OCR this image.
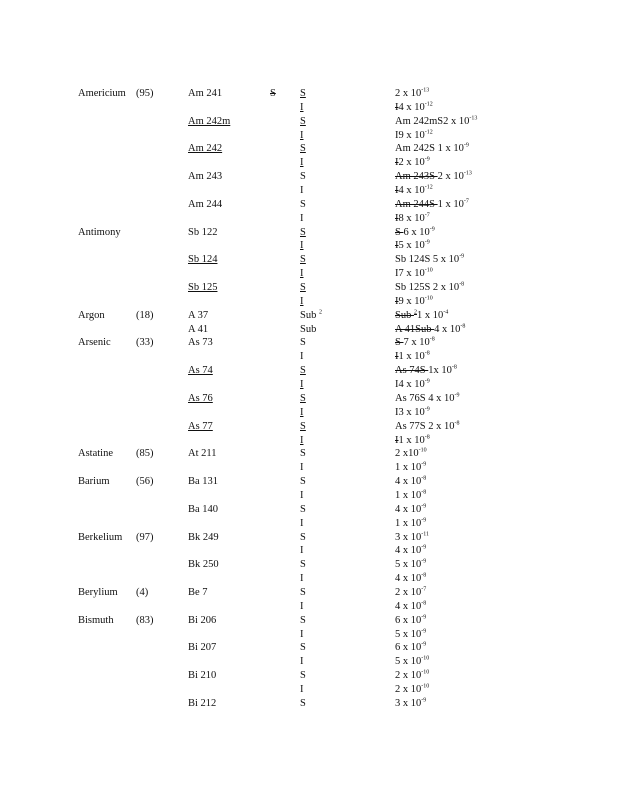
Americium (95)	Am 241	S S	2 x $10^{-13}$
I	I4 x $10^{-12}$
Am 242m	S	Am 242mS2 x $10^{-13}$
I	I9 x $10^{-12}$
Am 242	S	Am 242S 1 x $10^{-9}$
I	I2 x $10^{-9}$
Am 243	S	Am 243S 2 x $10^{-13}$
I	I4 x $10^{-12}$
Am 244	S	Am 244S 1 x $10^{-7}$
I	I8 x $10^{-7}$
Antimony	Sb 122	S	S 6 x $10^{-9}$
I	I5 x $10^{-9}$
Sb 124	S	Sb 124S 5 x $10^{-9}$
I	I7 x $10^{-10}$
Sb 125	S	Sb 125S 2 x $10^{-8}$
I	I9 x $10^{-10}$
Argon	(18)	A 37	Sub $^2$	Sub $^2$1 x $10^{-4}$
A 41	Sub	A 41Sub 4 x $10^{-8}$
Arsenic (33)	As 73	S	S 7 x $10^{-8}$
I	I1 x $10^{-8}$
As 74	S	As 74S 1x $10^{-8}$
I	I4 x $10^{-9}$
As 76	S	As 76S 4 x $10^{-9}$
I	I3 x $10^{-9}$
As 77	S	As 77S 2 x $10^{-8}$
I	I1 x $10^{-8}$
Astatine (85)	At 211	S	2 $x10^{-10}$
I	1 x $10^{-9}$
Barium	(56)	Ba 131	S	4 x $10^{-8}$
I	1 x $10^{-8}$
Ba 140	S	4 x $10^{-9}$
I	1 x $10^{-9}$
Berkelium (97)	Bk 249	S	3 x $10^{-11}$
I	4 x $10^{-9}$
Bk 250	S	5 x $10^{-9}$
I	4 x $10^{-8}$
Berylium (4)	Be 7	S	2 x $10^{-7}$
I	4 x $10^{-8}$
Bismuth (83)	Bi 206	S	6 x $10^{-9}$
I	5 x $10^{-9}$
Bi 207	S	6 x $10^{-9}$
I	5 x $10^{-10}$
Bi 210	S	2 x $10^{-10}$
I	2 x $10^{-10}$
Bi 212	S	3 x $10^{-9}$
